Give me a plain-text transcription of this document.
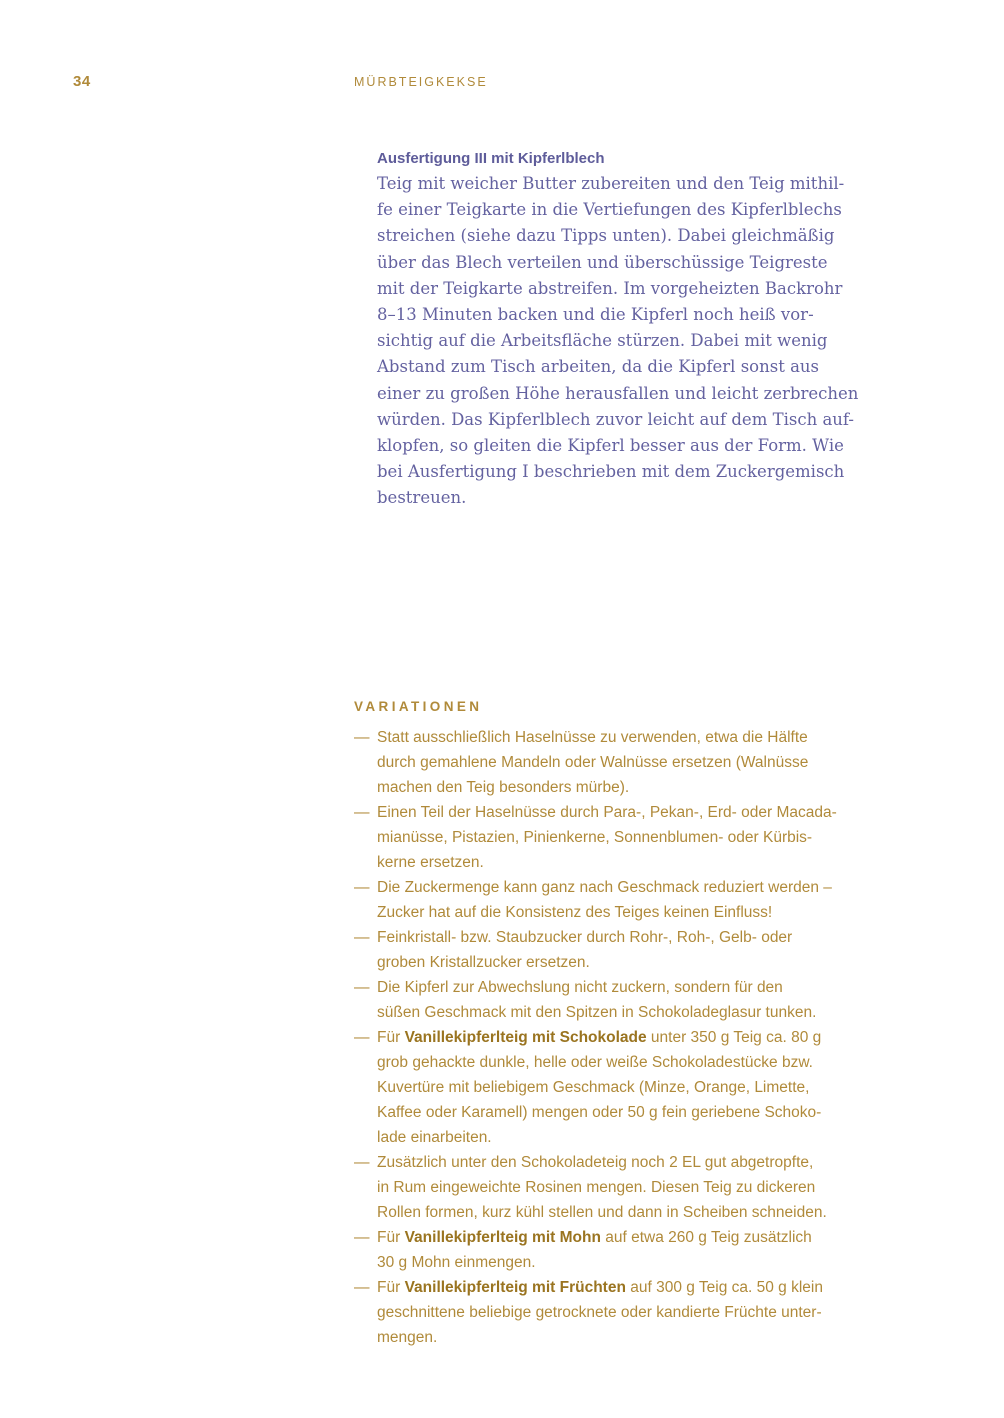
34	MÜRBTEIGKEKSE
Ausfertigung III mit Kipferlblech
Teig mit weicher Butter zubereiten und den Teig mithil-
fe einer Teigkarte in die Vertiefungen des Kipferlblechs
streichen (siehe dazu Tipps unten). Dabei gleichmäßig
über das Blech verteilen und überschüssige Teigreste
mit der Teigkarte abstreifen. Im vorgeheizten Backrohr
8–13 Minuten backen und die Kipferl noch heiß vor-
sichtig auf die Arbeitsfläche stürzen. Dabei mit wenig
Abstand zum Tisch arbeiten, da die Kipferl sonst aus
einer zu großen Höhe herausfallen und leicht zerbrechen
würden. Das Kipferlblech zuvor leicht auf dem Tisch auf-
klopfen, so gleiten die Kipferl besser aus der Form. Wie
bei Ausfertigung I beschrieben mit dem Zuckergemisch
bestreuen.
VARIATIONEN
— Statt ausschließlich Haselnüsse zu verwenden, etwa die Hälfte
durch gemahlene Mandeln oder Walnüsse ersetzen (Walnüsse
machen den Teig besonders mürbe).
— Einen Teil der Haselnüsse durch Para-, Pekan-, Erd- oder Macada-
mianüsse, Pistazien, Pinienkerne, Sonnenblumen- oder Kürbis-
kerne ersetzen.
— Die Zuckermenge kann ganz nach Geschmack reduziert werden –
Zucker hat auf die Konsistenz des Teiges keinen Einfluss!
— Feinkristall- bzw. Staubzucker durch Rohr-, Roh-, Gelb- oder
groben Kristallzucker ersetzen.
— Die Kipferl zur Abwechslung nicht zuckern, sondern für den
süßen Geschmack mit den Spitzen in Schokoladeglasur tunken.
— Für Vanillekipferlteig mit Schokolade unter 350 g Teig ca. 80 g
grob gehackte dunkle, helle oder weiße Schokoladestücke bzw.
Kuvertüre mit beliebigem Geschmack (Minze, Orange, Limette,
Kaffee oder Karamell) mengen oder 50 g fein geriebene Schoko-
lade einarbeiten.
— Zusätzlich unter den Schokoladeteig noch 2 EL gut abgetropfte,
in Rum eingeweichte Rosinen mengen. Diesen Teig zu dickeren
Rollen formen, kurz kühl stellen und dann in Scheiben schneiden.
— Für Vanillekipferlteig mit Mohn auf etwa 260 g Teig zusätzlich
30 g Mohn einmengen.
— Für Vanillekipferlteig mit Früchten auf 300 g Teig ca. 50 g klein
geschnittene beliebige getrocknete oder kandierte Früchte unter-
mengen.
